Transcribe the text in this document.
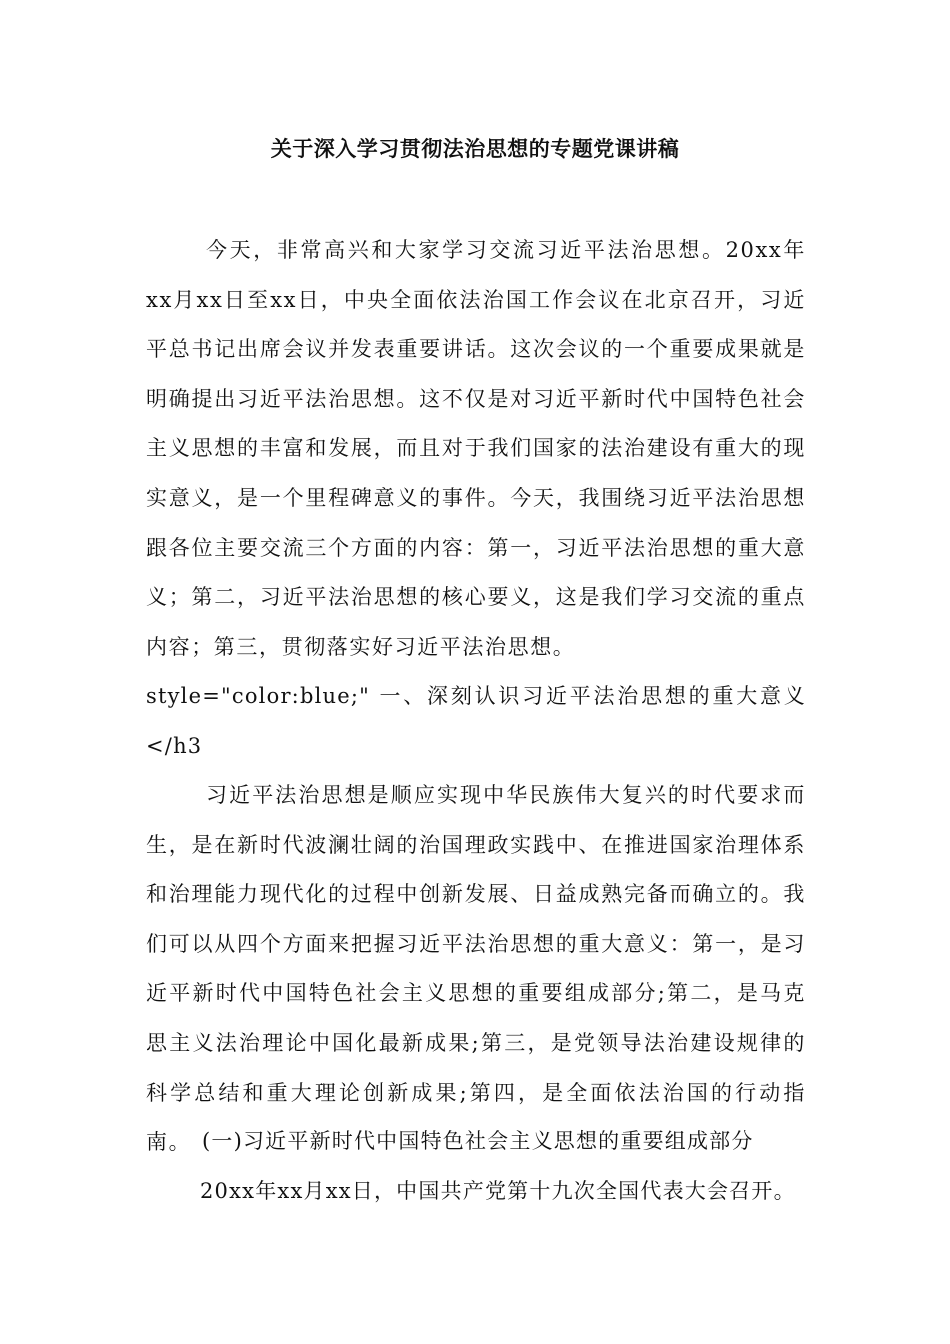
关于深入学习贯彻法治思想的专题党课讲稿

今天，非常高兴和大家学习交流习近平法治思想。20xx年xx月xx日至xx日，中央全面依法治国工作会议在北京召开，习近平总书记出席会议并发表重要讲话。这次会议的一个重要成果就是明确提出习近平法治思想。这不仅是对习近平新时代中国特色社会主义思想的丰富和发展，而且对于我们国家的法治建设有重大的现实意义，是一个里程碑意义的事件。今天，我围绕习近平法治思想跟各位主要交流三个方面的内容：第一，习近平法治思想的重大意义；第二，习近平法治思想的核心要义，这是我们学习交流的重点内容；第三，贯彻落实好习近平法治思想。

style="color:blue;" 一、深刻认识习近平法治思想的重大意义</h3

习近平法治思想是顺应实现中华民族伟大复兴的时代要求而生，是在新时代波澜壮阔的治国理政实践中、在推进国家治理体系和治理能力现代化的过程中创新发展、日益成熟完备而确立的。我们可以从四个方面来把握习近平法治思想的重大意义：第一，是习近平新时代中国特色社会主义思想的重要组成部分;第二，是马克思主义法治理论中国化最新成果;第三，是党领导法治建设规律的科学总结和重大理论创新成果;第四，是全面依法治国的行动指南。 (一)习近平新时代中国特色社会主义思想的重要组成部分

20xx年xx月xx日，中国共产党第十九次全国代表大会召开。
